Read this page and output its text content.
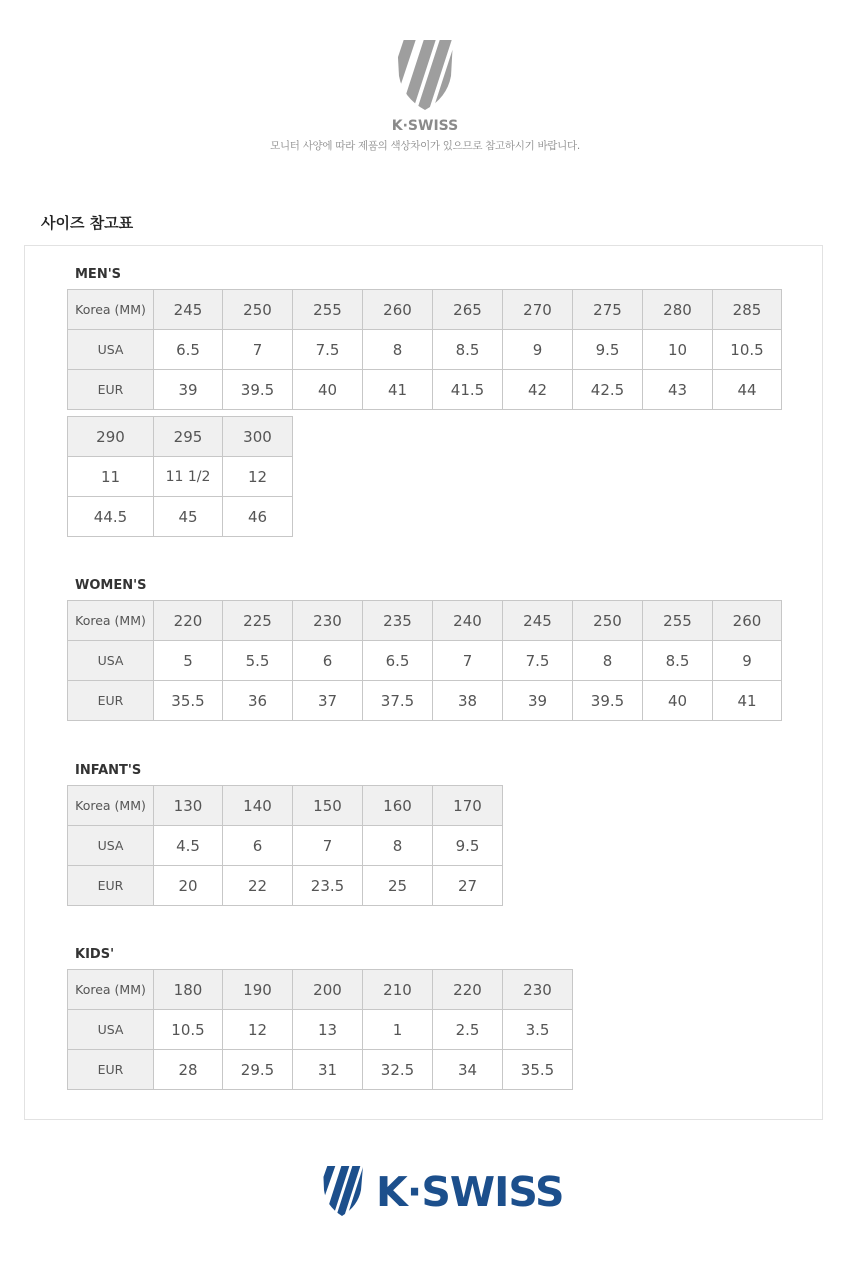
K·SWISS
모니터 사양에 따라 제품의 색상차이가 있으므로 참고하시기 바랍니다.
사이즈 참고표
MEN'S
Korea (MM)	245	250	255	260	265	270	275	280	285
USA	6.5	7	7.5	8	8.5	9	9.5	10	10.5
EUR	39	39.5	40	41	41.5	42	42.5	43	44
290	295	300
11	11 1/2	12
44.5	45	46
WOMEN'S
Korea (MM)	220	225	230	235	240	245	250	255	260
USA	5	5.5	6	6.5	7	7.5	8	8.5	9
EUR	35.5	36	37	37.5	38	39	39.5	40	41
INFANT'S
Korea (MM)	130	140	150	160	170
USA	4.5	6	7	8	9.5
EUR	20	22	23.5	25	27
KIDS'
Korea (MM)	180	190	200	210	220	230
USA	10.5	12	13	1	2.5	3.5
EUR	28	29.5	31	32.5	34	35.5
K·SWISS
